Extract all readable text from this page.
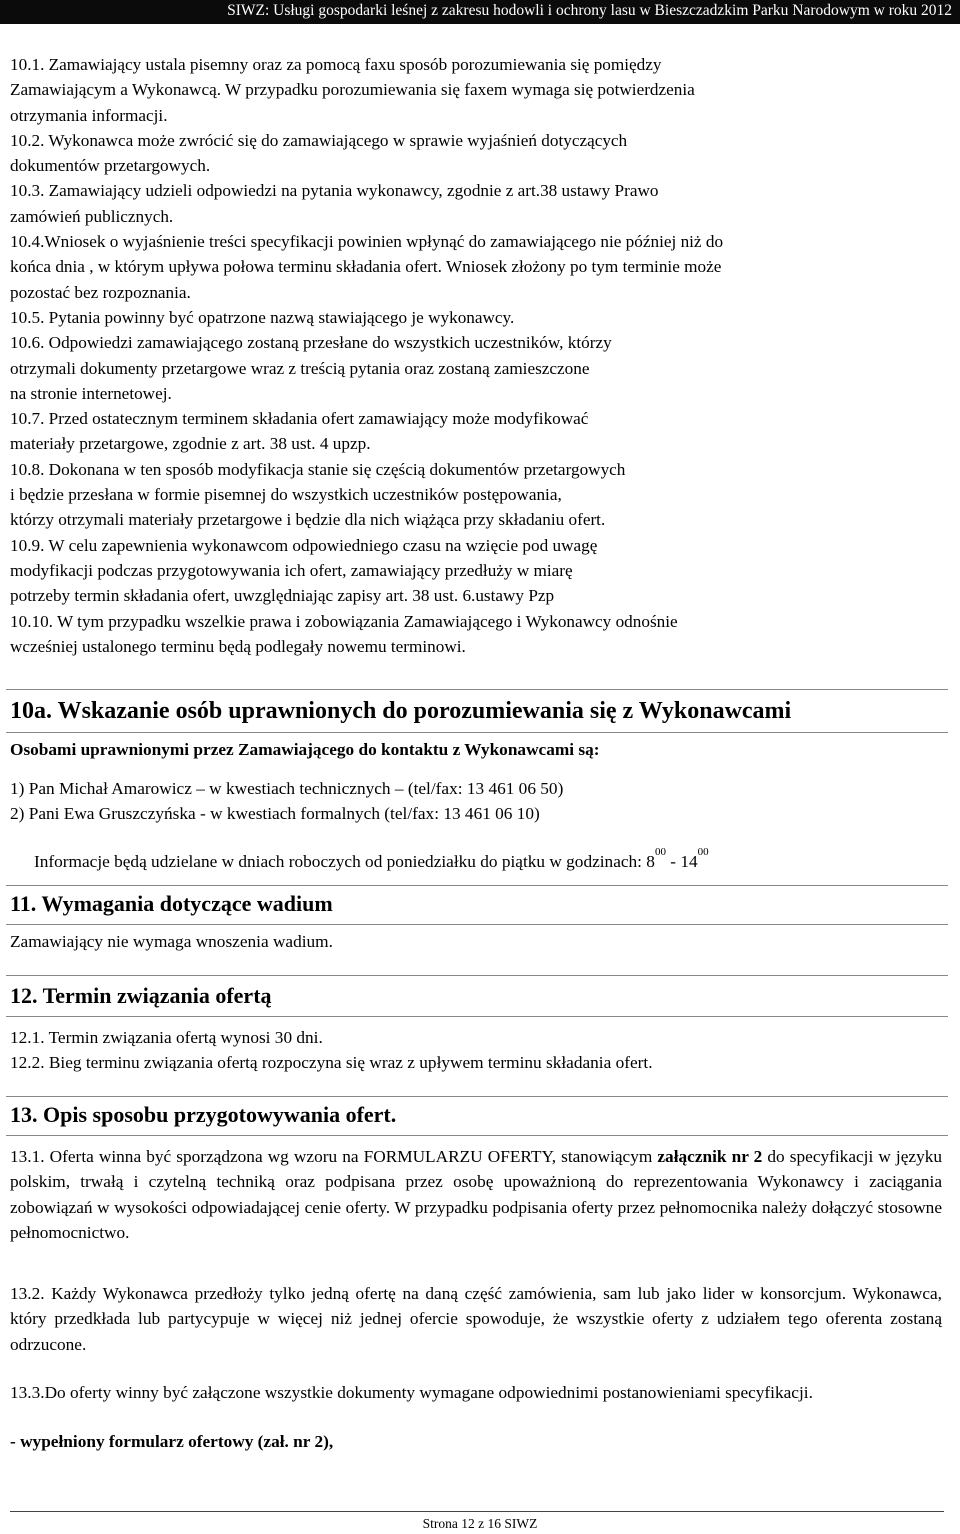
SIWZ: Usługi gospodarki leśnej z zakresu hodowli i ochrony lasu w Bieszczadzkim Parku Narodowym w roku 2012
10.1. Zamawiający ustala pisemny oraz za pomocą faxu sposób porozumiewania się pomiędzy
Zamawiającym a Wykonawcą. W przypadku porozumiewania się faxem wymaga się potwierdzenia
otrzymania informacji.
10.2. Wykonawca może zwrócić się do zamawiającego w sprawie wyjaśnień dotyczących
dokumentów przetargowych.
10.3. Zamawiający udzieli odpowiedzi na pytania wykonawcy, zgodnie z art.38 ustawy Prawo
zamówień publicznych.
10.4.Wniosek o wyjaśnienie treści specyfikacji powinien wpłynąć do zamawiającego nie później niż do
końca dnia , w którym upływa połowa terminu składania ofert. Wniosek złożony po tym terminie może
pozostać bez rozpoznania.
10.5. Pytania powinny być opatrzone nazwą stawiającego je wykonawcy.
10.6. Odpowiedzi zamawiającego zostaną przesłane do wszystkich uczestników, którzy
otrzymali dokumenty przetargowe wraz z treścią pytania oraz zostaną zamieszczone
na stronie internetowej.
10.7. Przed ostatecznym terminem składania ofert zamawiający może modyfikować
materiały przetargowe, zgodnie z art. 38 ust. 4 upzp.
10.8. Dokonana w ten sposób modyfikacja stanie się częścią dokumentów przetargowych
i będzie przesłana w formie pisemnej do wszystkich uczestników postępowania,
którzy otrzymali materiały przetargowe i będzie dla nich wiążąca przy składaniu ofert.
10.9. W celu zapewnienia wykonawcom odpowiedniego czasu na wzięcie pod uwagę
modyfikacji podczas przygotowywania ich ofert, zamawiający przedłuży w miarę
potrzeby termin składania ofert, uwzględniając zapisy art. 38 ust. 6.ustawy Pzp
10.10. W tym przypadku wszelkie prawa i zobowiązania Zamawiającego i Wykonawcy odnośnie
wcześniej ustalonego terminu będą podlegały nowemu terminowi.
10a. Wskazanie osób uprawnionych do porozumiewania się z Wykonawcami
Osobami uprawnionymi przez Zamawiającego do kontaktu z Wykonawcami są:
1) Pan Michał Amarowicz – w kwestiach technicznych – (tel/fax: 13 461 06 50)
2) Pani Ewa Gruszczyńska - w kwestiach formalnych (tel/fax: 13 461 06 10)
Informacje będą udzielane w dniach roboczych od poniedziałku do piątku w godzinach: $8^{00} - 14^{00}$
11. Wymagania dotyczące wadium
Zamawiający nie wymaga wnoszenia wadium.
12. Termin związania ofertą
12.1. Termin związania ofertą wynosi 30 dni.
12.2. Bieg terminu związania ofertą rozpoczyna się wraz z upływem terminu składania ofert.
13. Opis sposobu przygotowywania ofert.
13.1. Oferta winna być sporządzona wg wzoru na FORMULARZU OFERTY, stanowiącym załącznik nr 2 do specyfikacji w języku polskim, trwałą i czytelną techniką oraz podpisana przez osobę upoważnioną do reprezentowania Wykonawcy i zaciągania zobowiązań w wysokości odpowiadającej cenie oferty. W przypadku podpisania oferty przez pełnomocnika należy dołączyć stosowne pełnomocnictwo.
13.2. Każdy Wykonawca przedłoży tylko jedną ofertę na daną część zamówienia, sam lub jako lider w konsorcjum. Wykonawca, który przedkłada lub partycypuje w więcej niż jednej ofercie spowoduje, że wszystkie oferty z udziałem tego oferenta zostaną odrzucone.
13.3.Do oferty winny być załączone wszystkie dokumenty wymagane odpowiednimi postanowieniami specyfikacji.
- wypełniony formularz ofertowy (zał. nr 2),
Strona 12 z 16 SIWZ
